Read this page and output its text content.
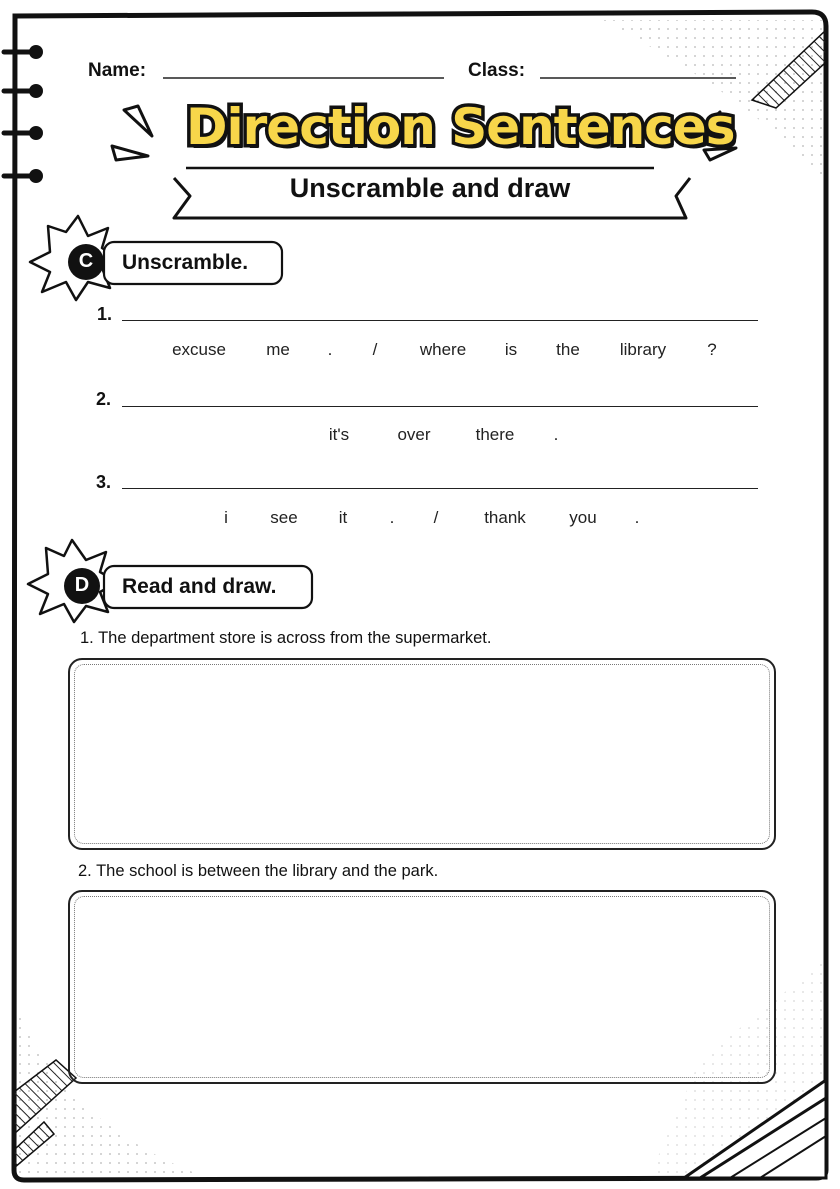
Name:	Class:
Direction Sentences
Unscramble and draw
C	Unscramble.
1.
excuse me . / where is the library ?
2.
it's	over	there .
3.
i see it . /	thank	you .
D	Read and draw.
1. The department store is across from the supermarket.
2. The school is between the library and the park.
